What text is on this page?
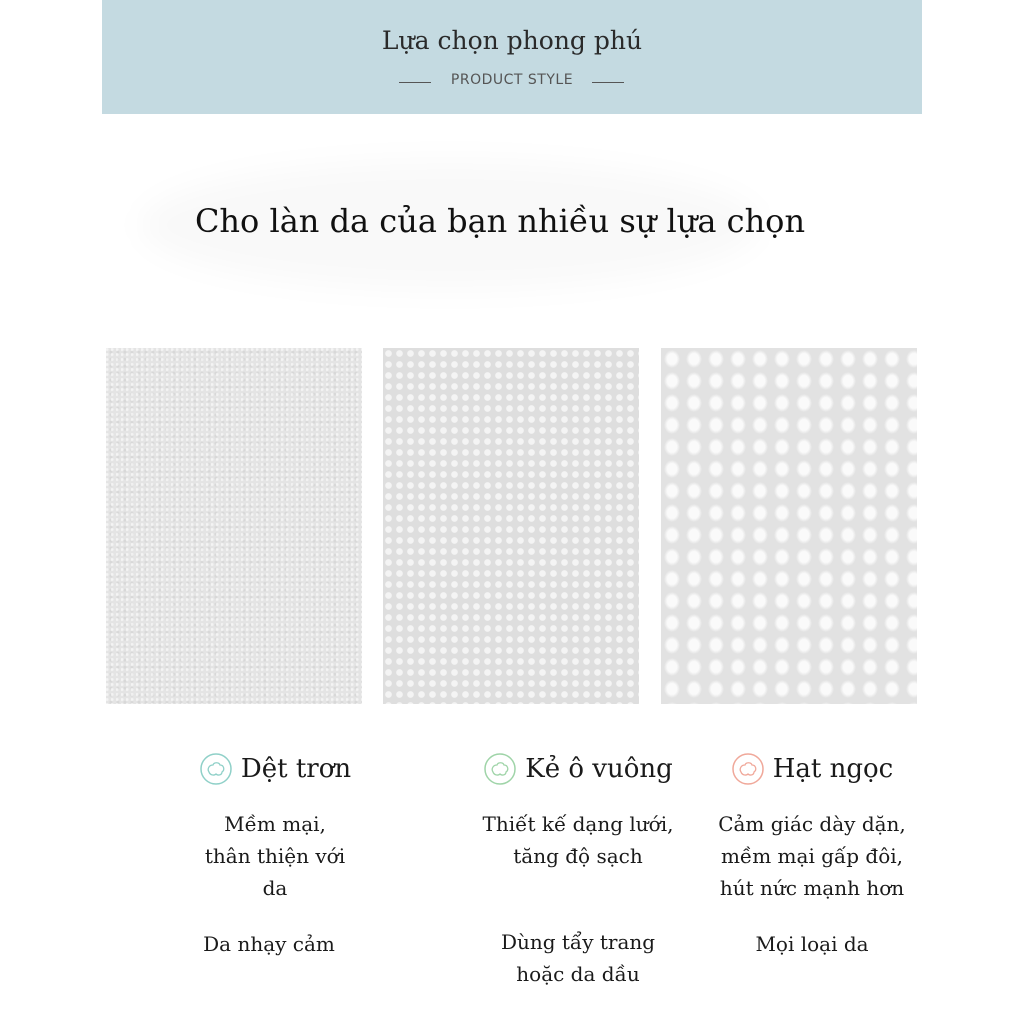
Lựa chọn phong phú
PRODUCT STYLE
Cho làn da của bạn nhiều sự lựa chọn
Dệt trơn
Mềm mại,
thân thiện với
da
Da nhạy cảm
Kẻ ô vuông
Thiết kế dạng lưới,
tăng độ sạch
Dùng tẩy trang
hoặc da dầu
Hạt ngọc
Cảm giác dày dặn,
mềm mại gấp đôi,
hút nức mạnh hơn
Mọi loại da
